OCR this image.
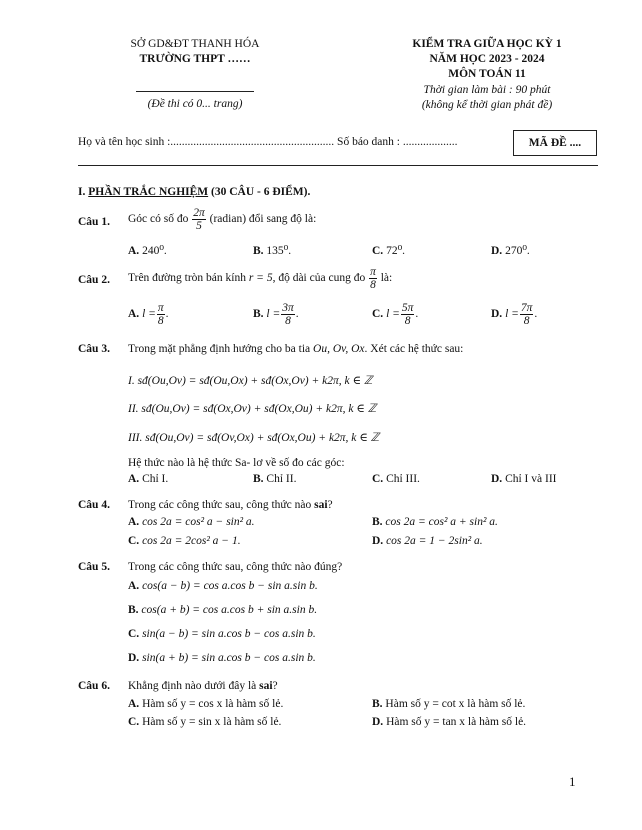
SỞ GD&ĐT THANH HÓA
TRƯỜNG THPT ……
(Đề thi có 0... trang)
KIỂM TRA GIỮA HỌC KỲ 1
NĂM HỌC 2023 - 2024
MÔN TOÁN 11
Thời gian làm bài : 90 phút
(không kể thời gian phát đề)
Họ và tên học sinh :......................................................... Số báo danh : ...................	MÃ ĐỀ ....
I. PHẦN TRẮC NGHIỆM (30 CÂU - 6 ĐIỂM).
Câu 1. Góc có số đo $\frac{2\pi}{5}$ (radian) đổi sang độ là:
A. 240⁰.	B. 135⁰.	C. 72⁰.	D. 270⁰.
Câu 2. Trên đường tròn bán kính r = 5, độ dài của cung đo $\frac{\pi}{8}$ là:
A. $l = \frac{\pi}{8}$ .	B. $l = \frac{3\pi}{8}$ .	C. $l = \frac{5\pi}{8}$ .	D. $l = \frac{7\pi}{8}$ .
Câu 3. Trong mặt phẳng định hướng cho ba tia Ou, Ov, Ox. Xét các hệ thức sau:
I. sđ(Ou,Ov) = sđ(Ou,Ox) + sđ(Ox,Ov) + k2π, k ∈ ℤ
II. sđ(Ou,Ov) = sđ(Ox,Ov) + sđ(Ox,Ou) + k2π, k ∈ ℤ
III. sđ(Ou,Ov) = sđ(Ov,Ox) + sđ(Ox,Ou) + k2π, k ∈ ℤ
Hệ thức nào là hệ thức Sa- lơ về số đo các góc:
A. Chỉ I.	B. Chỉ II.	C. Chỉ III.	D. Chỉ I và III
Câu 4. Trong các công thức sau, công thức nào sai?
A. cos 2a = cos² a − sin² a.	B. cos 2a = cos² a + sin² a.
C. cos 2a = 2cos² a − 1.	D. cos 2a = 1 − 2sin² a.
Câu 5. Trong các công thức sau, công thức nào đúng?
A. cos(a − b) = cos a.cos b − sin a.sin b.
B. cos(a + b) = cos a.cos b + sin a.sin b.
C. sin(a − b) = sin a.cos b − cos a.sin b.
D. sin(a + b) = sin a.cos b − cos a.sin b.
Câu 6. Khẳng định nào dưới đây là sai?
A. Hàm số y = cos x là hàm số lẻ.	B. Hàm số y = cot x là hàm số lẻ.
C. Hàm số y = sin x là hàm số lẻ.	D. Hàm số y = tan x là hàm số lẻ.
1
